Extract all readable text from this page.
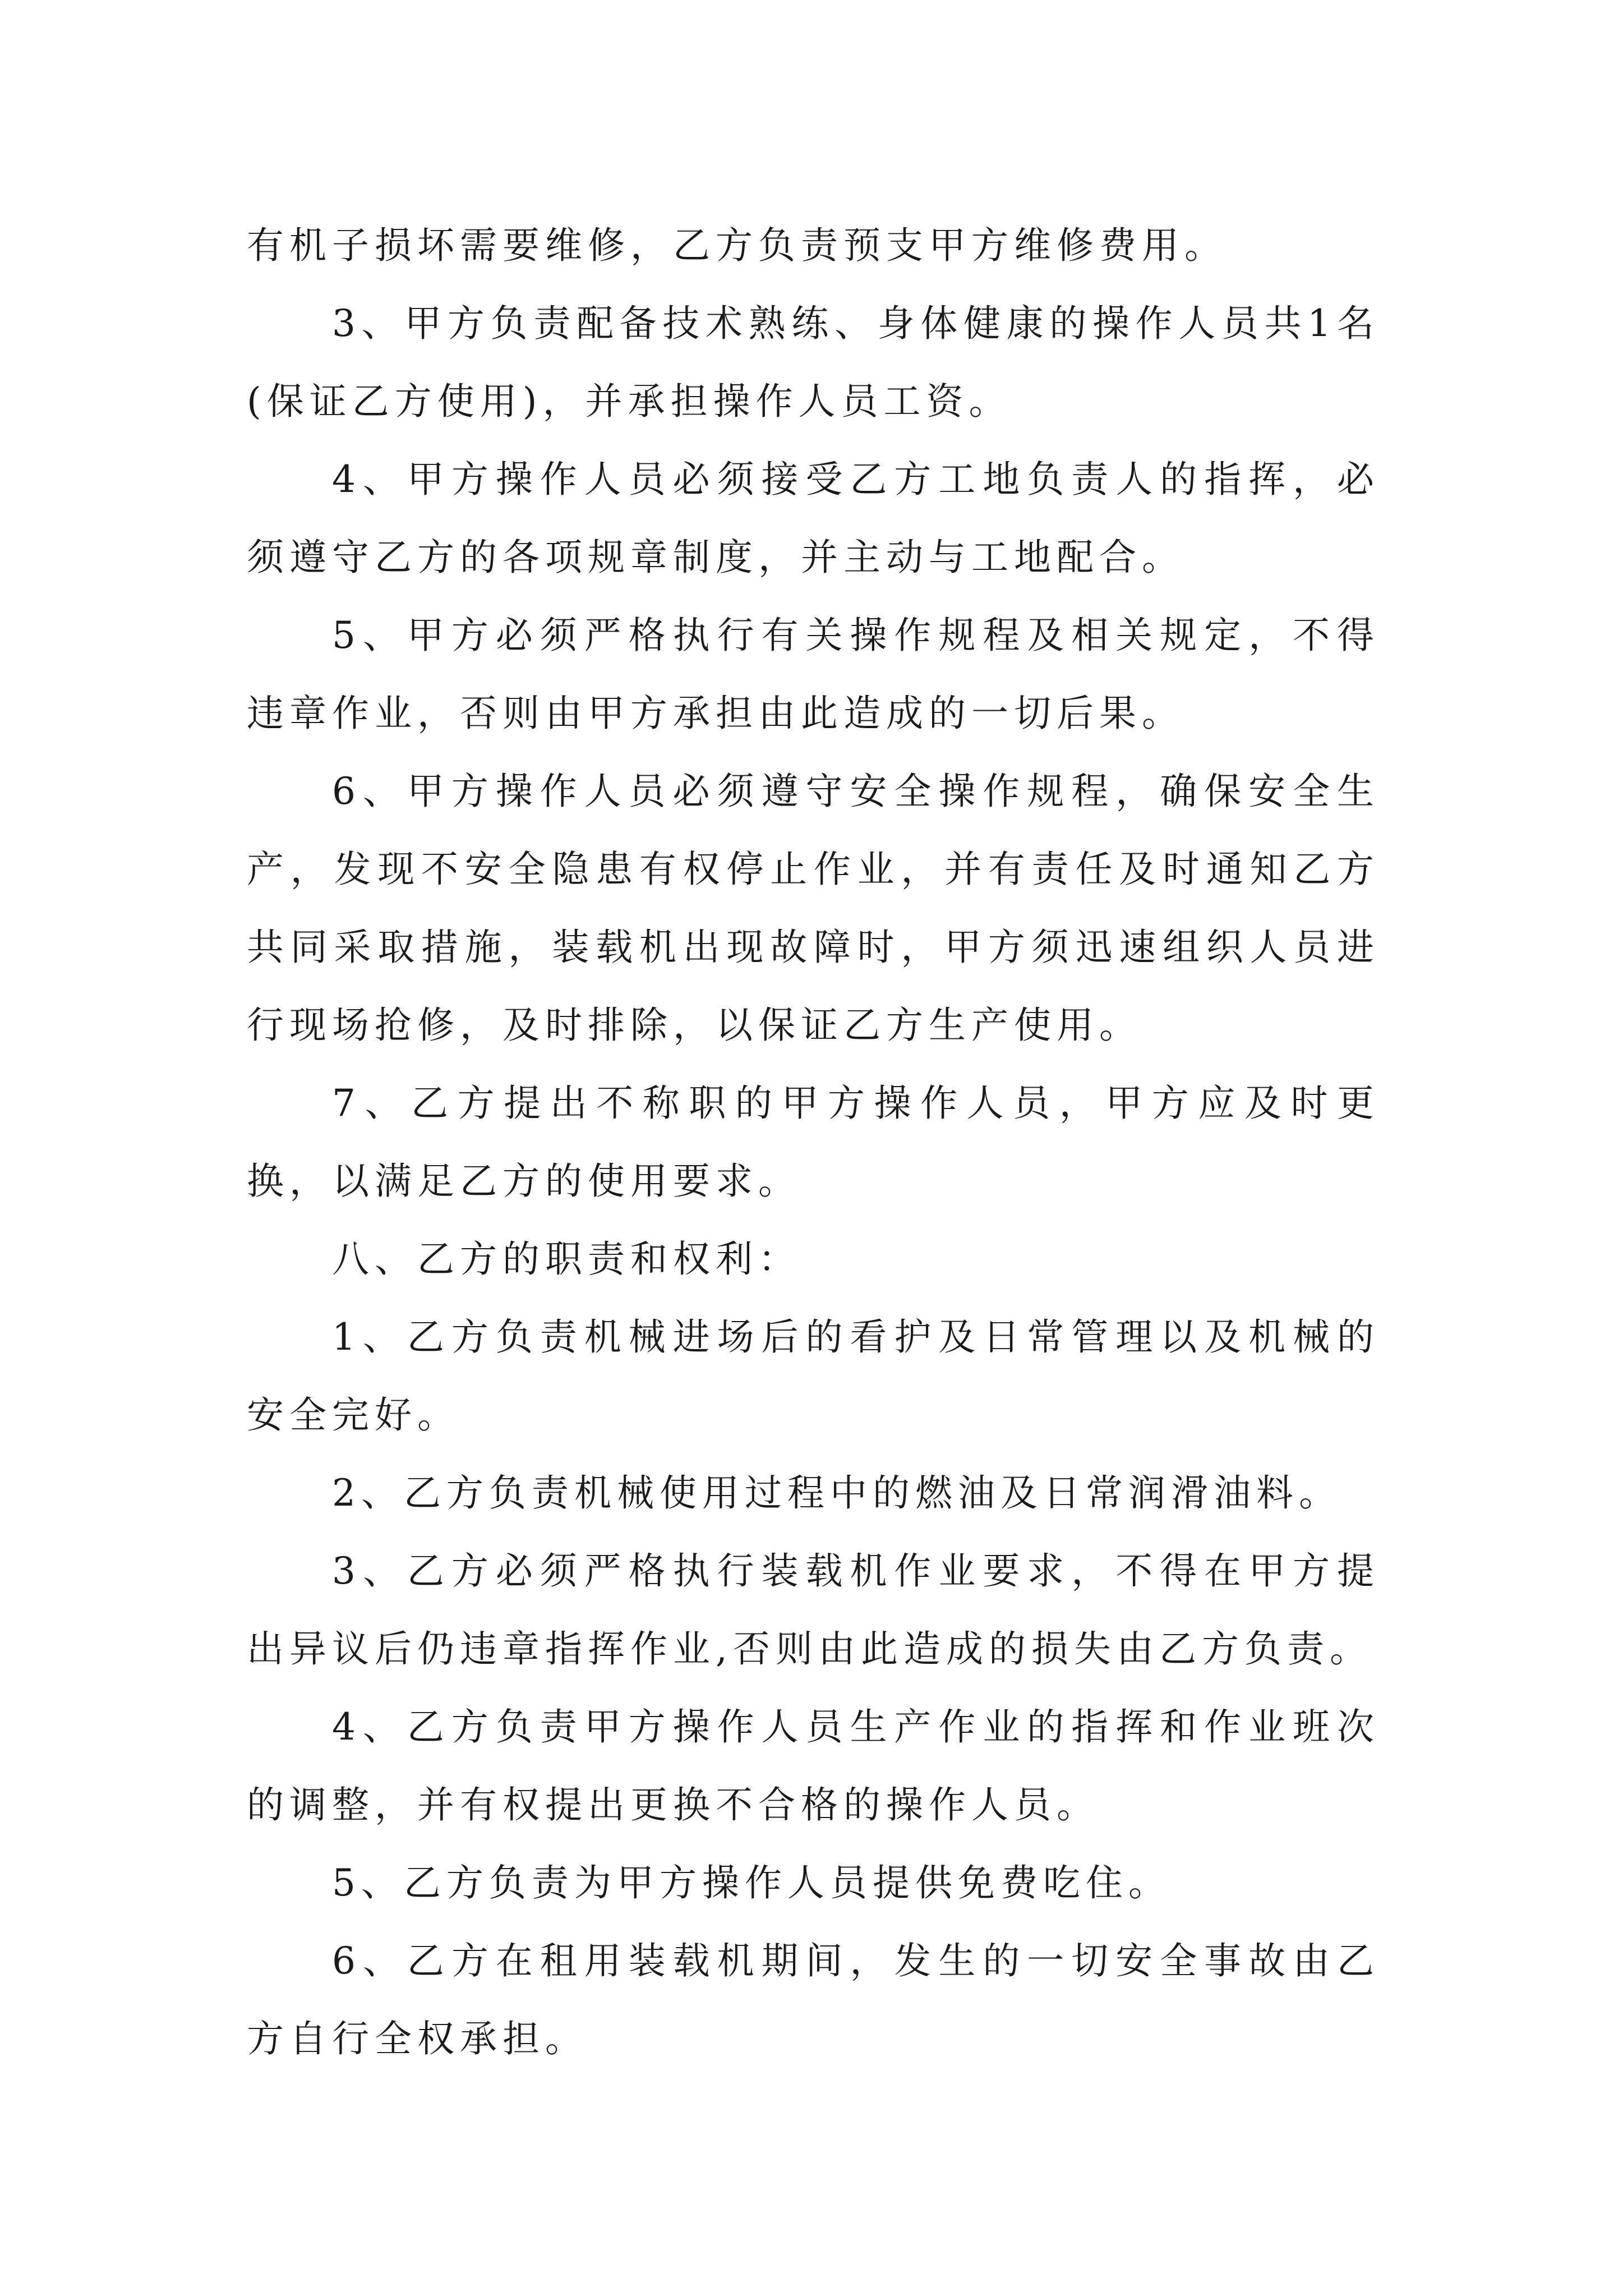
有机子损坏需要维修，乙方负责预支甲方维修费用。

3、甲方负责配备技术熟练、身体健康的操作人员共1名(保证乙方使用)，并承担操作人员工资。

4、甲方操作人员必须接受乙方工地负责人的指挥，必须遵守乙方的各项规章制度，并主动与工地配合。

5、甲方必须严格执行有关操作规程及相关规定，不得违章作业，否则由甲方承担由此造成的一切后果。

6、甲方操作人员必须遵守安全操作规程，确保安全生产，发现不安全隐患有权停止作业，并有责任及时通知乙方共同采取措施，装载机出现故障时，甲方须迅速组织人员进行现场抢修，及时排除，以保证乙方生产使用。

7、乙方提出不称职的甲方操作人员，甲方应及时更换，以满足乙方的使用要求。

八、乙方的职责和权利：

1、乙方负责机械进场后的看护及日常管理以及机械的安全完好。

2、乙方负责机械使用过程中的燃油及日常润滑油料。

3、乙方必须严格执行装载机作业要求，不得在甲方提出异议后仍违章指挥作业,否则由此造成的损失由乙方负责。

4、乙方负责甲方操作人员生产作业的指挥和作业班次的调整，并有权提出更换不合格的操作人员。

5、乙方负责为甲方操作人员提供免费吃住。

6、乙方在租用装载机期间，发生的一切安全事故由乙方自行全权承担。
